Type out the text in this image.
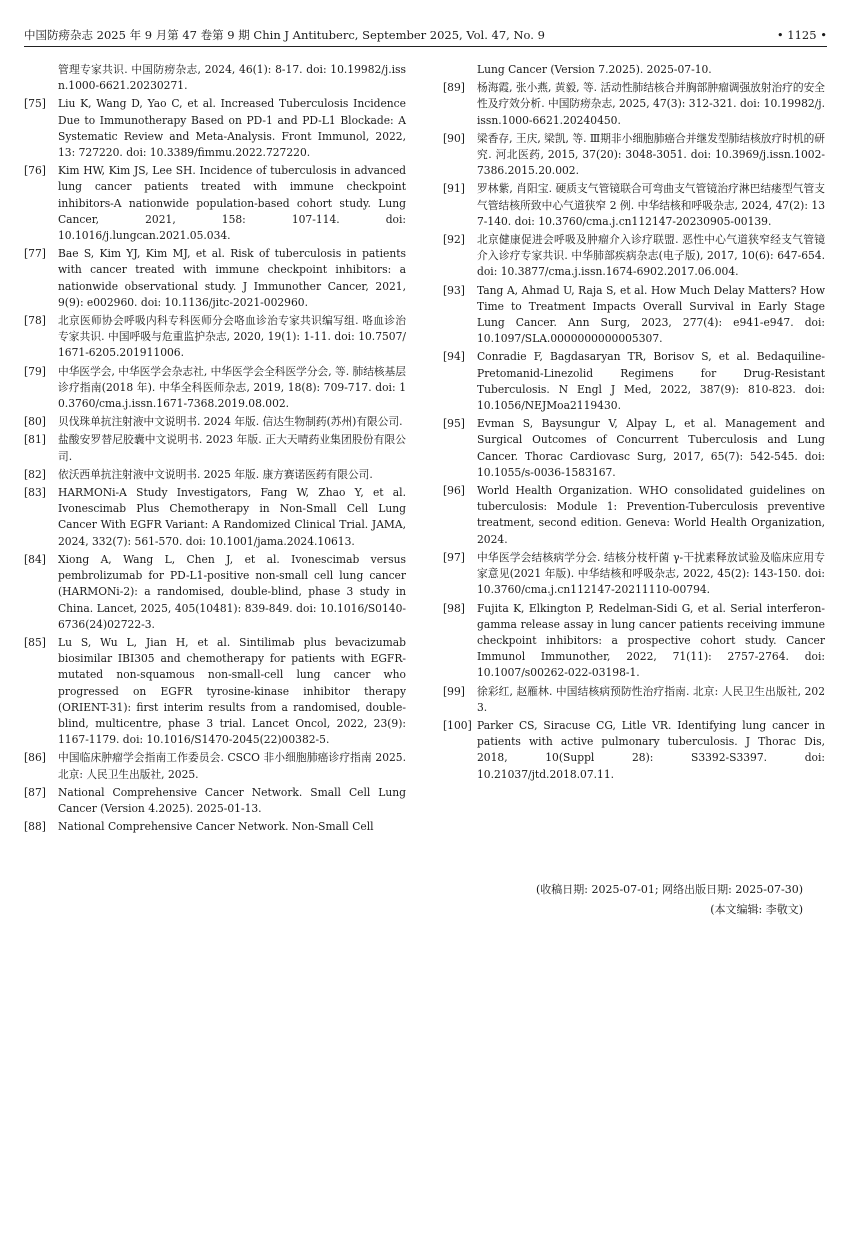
中国防痨杂志 2025 年 9 月第 47 卷第 9 期 Chin J Antituberc, September 2025, Vol. 47, No. 9	• 1125 •
管理专家共识. 中国防痨杂志, 2024, 46(1): 8-17. doi: 10.19982/j.issn.1000-6621.20230271.
[75] Liu K, Wang D, Yao C, et al. Increased Tuberculosis Incidence Due to Immunotherapy Based on PD-1 and PD-L1 Blockade: A Systematic Review and Meta-Analysis. Front Immunol, 2022, 13: 727220. doi: 10.3389/fimmu.2022.727220.
[76] Kim HW, Kim JS, Lee SH. Incidence of tuberculosis in advanced lung cancer patients treated with immune checkpoint inhibitors-A nationwide population-based cohort study. Lung Cancer, 2021, 158: 107-114. doi: 10.1016/j.lungcan.2021.05.034.
[77] Bae S, Kim YJ, Kim MJ, et al. Risk of tuberculosis in patients with cancer treated with immune checkpoint inhibitors: a nationwide observational study. J Immunother Cancer, 2021, 9(9): e002960. doi: 10.1136/jitc-2021-002960.
[78] 北京医师协会呼吸内科专科医师分会咯血诊治专家共识编写组. 咯血诊治专家共识. 中国呼吸与危重监护杂志, 2020, 19(1): 1-11. doi: 10.7507/1671-6205.201911006.
[79] 中华医学会, 中华医学会杂志社, 中华医学会全科医学分会, 等. 肺结核基层诊疗指南(2018 年). 中华全科医师杂志, 2019, 18(8): 709-717. doi: 10.3760/cma.j.issn.1671-7368.2019.08.002.
[80] 贝伐珠单抗注射液中文说明书. 2024 年版. 信达生物制药(苏州)有限公司.
[81] 盐酸安罗替尼胶囊中文说明书. 2023 年版. 正大天晴药业集团股份有限公司.
[82] 依沃西单抗注射液中文说明书. 2025 年版. 康方赛诺医药有限公司.
[83] HARMONi-A Study Investigators, Fang W, Zhao Y, et al. Ivonescimab Plus Chemotherapy in Non-Small Cell Lung Cancer With EGFR Variant: A Randomized Clinical Trial. JAMA, 2024, 332(7): 561-570. doi: 10.1001/jama.2024.10613.
[84] Xiong A, Wang L, Chen J, et al. Ivonescimab versus pembrolizumab for PD-L1-positive non-small cell lung cancer (HARMONi-2): a randomised, double-blind, phase 3 study in China. Lancet, 2025, 405(10481): 839-849. doi: 10.1016/S0140-6736(24)02722-3.
[85] Lu S, Wu L, Jian H, et al. Sintilimab plus bevacizumab biosimilar IBI305 and chemotherapy for patients with EGFR-mutated non-squamous non-small-cell lung cancer who progressed on EGFR tyrosine-kinase inhibitor therapy (ORIENT-31): first interim results from a randomised, double-blind, multicentre, phase 3 trial. Lancet Oncol, 2022, 23(9): 1167-1179. doi: 10.1016/S1470-2045(22)00382-5.
[86] 中国临床肿瘤学会指南工作委员会. CSCO 非小细胞肺癌诊疗指南 2025. 北京: 人民卫生出版社, 2025.
[87] National Comprehensive Cancer Network. Small Cell Lung Cancer (Version 4.2025). 2025-01-13.
[88] National Comprehensive Cancer Network. Non-Small Cell
Lung Cancer (Version 7.2025). 2025-07-10.
[89] 杨海霞, 张小燕, 黄毅, 等. 活动性肺结核合并胸部肿瘤调强放射治疗的安全性及疗效分析. 中国防痨杂志, 2025, 47(3): 312-321. doi: 10.19982/j.issn.1000-6621.20240450.
[90] 梁香存, 王庆, 梁凯, 等. Ⅲ期非小细胞肺癌合并继发型肺结核放疗时机的研究. 河北医药, 2015, 37(20): 3048-3051. doi: 10.3969/j.issn.1002-7386.2015.20.002.
[91] 罗林紫, 肖阳宝. 硬质支气管镜联合可弯曲支气管镜治疗淋巴结瘘型气管支气管结核所致中心气道狭窄 2 例. 中华结核和呼吸杂志, 2024, 47(2): 137-140. doi: 10.3760/cma.j.cn112147-20230905-00139.
[92] 北京健康促进会呼吸及肿瘤介入诊疗联盟. 恶性中心气道狭窄经支气管镜介入诊疗专家共识. 中华肺部疾病杂志(电子版), 2017, 10(6): 647-654. doi: 10.3877/cma.j.issn.1674-6902.2017.06.004.
[93] Tang A, Ahmad U, Raja S, et al. How Much Delay Matters? How Time to Treatment Impacts Overall Survival in Early Stage Lung Cancer. Ann Surg, 2023, 277(4): e941-e947. doi: 10.1097/SLA.0000000000005307.
[94] Conradie F, Bagdasaryan TR, Borisov S, et al. Bedaquiline-Pretomanid-Linezolid Regimens for Drug-Resistant Tuberculosis. N Engl J Med, 2022, 387(9): 810-823. doi: 10.1056/NEJMoa2119430.
[95] Evman S, Baysungur V, Alpay L, et al. Management and Surgical Outcomes of Concurrent Tuberculosis and Lung Cancer. Thorac Cardiovasc Surg, 2017, 65(7): 542-545. doi: 10.1055/s-0036-1583167.
[96] World Health Organization. WHO consolidated guidelines on tuberculosis: Module 1: Prevention-Tuberculosis preventive treatment, second edition. Geneva: World Health Organization, 2024.
[97] 中华医学会结核病学分会. 结核分枝杆菌 γ-干扰素释放试验及临床应用专家意见(2021 年版). 中华结核和呼吸杂志, 2022, 45(2): 143-150. doi: 10.3760/cma.j.cn112147-20211110-00794.
[98] Fujita K, Elkington P, Redelman-Sidi G, et al. Serial interferon-gamma release assay in lung cancer patients receiving immune checkpoint inhibitors: a prospective cohort study. Cancer Immunol Immunother, 2022, 71(11): 2757-2764. doi: 10.1007/s00262-022-03198-1.
[99] 徐彩红, 赵雁林. 中国结核病预防性治疗指南. 北京: 人民卫生出版社, 2023.
[100] Parker CS, Siracuse CG, Litle VR. Identifying lung cancer in patients with active pulmonary tuberculosis. J Thorac Dis, 2018, 10(Suppl 28): S3392-S3397. doi: 10.21037/jtd.2018.07.11.
(收稿日期: 2025-07-01; 网络出版日期: 2025-07-30)
(本文编辑: 李敬文)
